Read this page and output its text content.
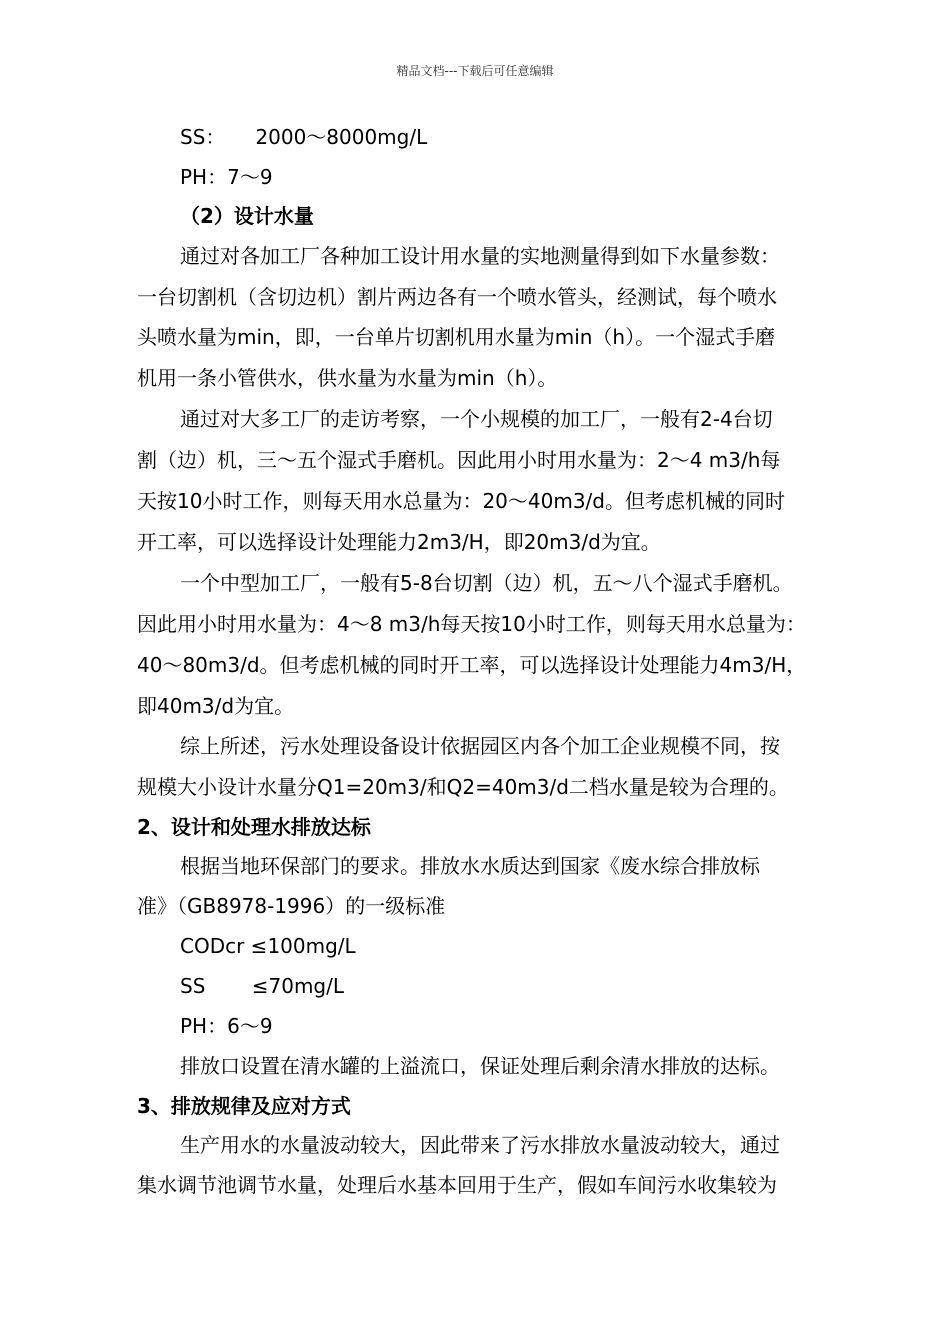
精品文档---下载后可任意编辑
SS：　　2000～8000mg/L
PH：7～9
（2）设计水量
通过对各加工厂各种加工设计用水量的实地测量得到如下水量参数：
一台切割机（含切边机）割片两边各有一个喷水管头，经测试，每个喷水
头喷水量为min，即，一台单片切割机用水量为min（h）。一个湿式手磨
机用一条小管供水，供水量为水量为min（h）。
通过对大多工厂的走访考察，一个小规模的加工厂，一般有2-4台切
割（边）机，三～五个湿式手磨机。因此用小时用水量为：2～4 m3/h每
天按10小时工作，则每天用水总量为：20～40m3/d。但考虑机械的同时
开工率，可以选择设计处理能力2m3/H，即20m3/d为宜。
一个中型加工厂，一般有5-8台切割（边）机，五～八个湿式手磨机。
因此用小时用水量为：4～8 m3/h每天按10小时工作，则每天用水总量为：
40～80m3/d。但考虑机械的同时开工率，可以选择设计处理能力4m3/H，
即40m3/d为宜。
综上所述，污水处理设备设计依据园区内各个加工企业规模不同，按
规模大小设计水量分Q1=20m3/和Q2=40m3/d二档水量是较为合理的。
2、设计和处理水排放达标
根据当地环保部门的要求。排放水水质达到国家《废水综合排放标
准》（GB8978-1996）的一级标准
CODcr ≤100mg/L
SS　　 ≤70mg/L
PH：6～9
排放口设置在清水罐的上溢流口，保证处理后剩余清水排放的达标。
3、排放规律及应对方式
生产用水的水量波动较大，因此带来了污水排放水量波动较大，通过
集水调节池调节水量，处理后水基本回用于生产，假如车间污水收集较为
